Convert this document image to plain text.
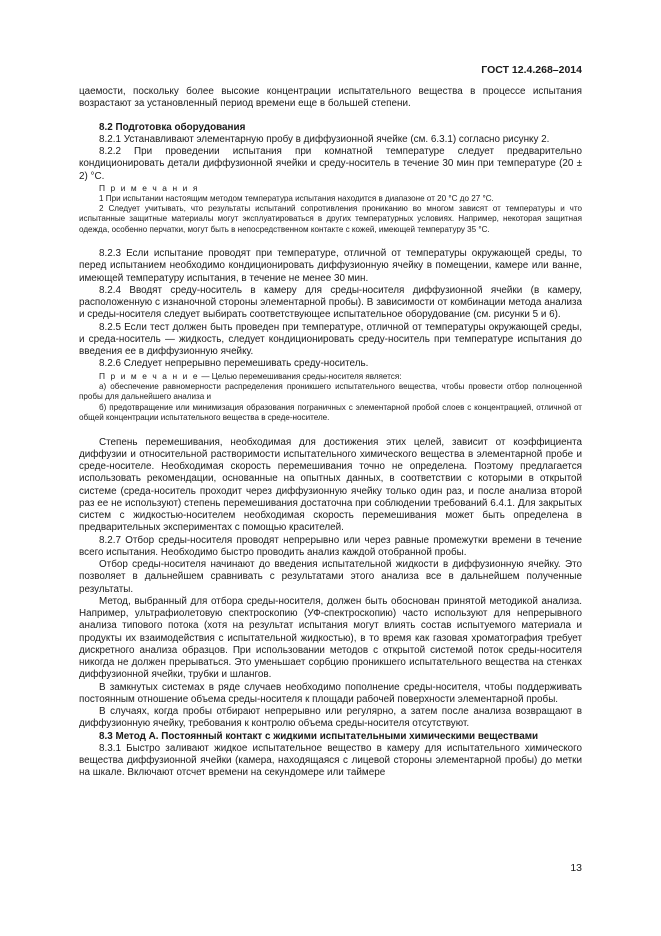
ГОСТ 12.4.268–2014

цаемости, поскольку более высокие концентрации испытательного вещества в процессе испытания возрастают за установленный период времени еще в большей степени.

8.2 Подготовка оборудования

8.2.1 Устанавливают элементарную пробу в диффузионной ячейке (см. 6.3.1) согласно рисунку 2.

8.2.2 При проведении испытания при комнатной температуре следует предварительно кондиционировать детали диффузионной ячейки и среду-носитель в течение 30 мин при температуре (20 ± 2) °С.

П р и м е ч а н и я

1 При испытании настоящим методом температура испытания находится в диапазоне от 20 °С до 27 °С.

2 Следует учитывать, что результаты испытаний сопротивления прониканию во многом зависят от температуры и что испытанные защитные материалы могут эксплуатироваться в других температурных условиях. Например, некоторая защитная одежда, особенно перчатки, могут быть в непосредственном контакте с кожей, имеющей температуру 35 °С.

8.2.3 Если испытание проводят при температуре, отличной от температуры окружающей среды, то перед испытанием необходимо кондиционировать диффузионную ячейку в помещении, камере или ванне, имеющей температуру испытания, в течение не менее 30 мин.

8.2.4 Вводят среду-носитель в камеру для среды-носителя диффузионной ячейки (в камеру, расположенную с изнаночной стороны элементарной пробы). В зависимости от комбинации метода анализа и среды-носителя следует выбирать соответствующее испытательное оборудование (см. рисунки 5 и 6).

8.2.5 Если тест должен быть проведен при температуре, отличной от температуры окружающей среды, и среда-носитель — жидкость, следует кондиционировать среду-носитель при температуре испытания до введения ее в диффузионную ячейку.

8.2.6 Следует непрерывно перемешивать среду-носитель.

П р и м е ч а н и е — Целью перемешивания среды-носителя является:

а) обеспечение равномерности распределения проникшего испытательного вещества, чтобы провести отбор полноценной пробы для дальнейшего анализа и

б) предотвращение или минимизация образования пограничных с элементарной пробой слоев с концентрацией, отличной от общей концентрации испытательного вещества в среде-носителе.

Степень перемешивания, необходимая для достижения этих целей, зависит от коэффициента диффузии и относительной растворимости испытательного химического вещества в элементарной пробе и среде-носителе. Необходимая скорость перемешивания точно не определена. Поэтому предлагается использовать рекомендации, основанные на опытных данных, в соответствии с которыми в открытой системе (среда-носитель проходит через диффузионную ячейку только один раз, и после анализа второй раз ее не используют) степень перемешивания достаточна при соблюдении требований 6.4.1. Для закрытых систем с жидкостью-носителем необходимая скорость перемешивания может быть определена в предварительных экспериментах с помощью красителей.

8.2.7 Отбор среды-носителя проводят непрерывно или через равные промежутки времени в течение всего испытания. Необходимо быстро проводить анализ каждой отобранной пробы.

Отбор среды-носителя начинают до введения испытательной жидкости в диффузионную ячейку. Это позволяет в дальнейшем сравнивать с результатами этого анализа все в дальнейшем полученные результаты.

Метод, выбранный для отбора среды-носителя, должен быть обоснован принятой методикой анализа. Например, ультрафиолетовую спектроскопию (УФ-спектроскопию) часто используют для непрерывного анализа типового потока (хотя на результат испытания могут влиять состав испытуемого материала и продукты их взаимодействия с испытательной жидкостью), в то время как газовая хроматография требует дискретного анализа образцов. При использовании методов с открытой системой поток среды-носителя никогда не должен прерываться. Это уменьшает сорбцию проникшего испытательного вещества на стенках диффузионной ячейки, трубки и шлангов.

В замкнутых системах в ряде случаев необходимо пополнение среды-носителя, чтобы поддерживать постоянным отношение объема среды-носителя к площади рабочей поверхности элементарной пробы.

В случаях, когда пробы отбирают непрерывно или регулярно, а затем после анализа возвращают в диффузионную ячейку, требования к контролю объема среды-носителя отсутствуют.

8.3 Метод А. Постоянный контакт с жидкими испытательными химическими веществами

8.3.1 Быстро заливают жидкое испытательное вещество в камеру для испытательного химического вещества диффузионной ячейки (камера, находящаяся с лицевой стороны элементарной пробы) до метки на шкале. Включают отсчет времени на секундомере или таймере

13
